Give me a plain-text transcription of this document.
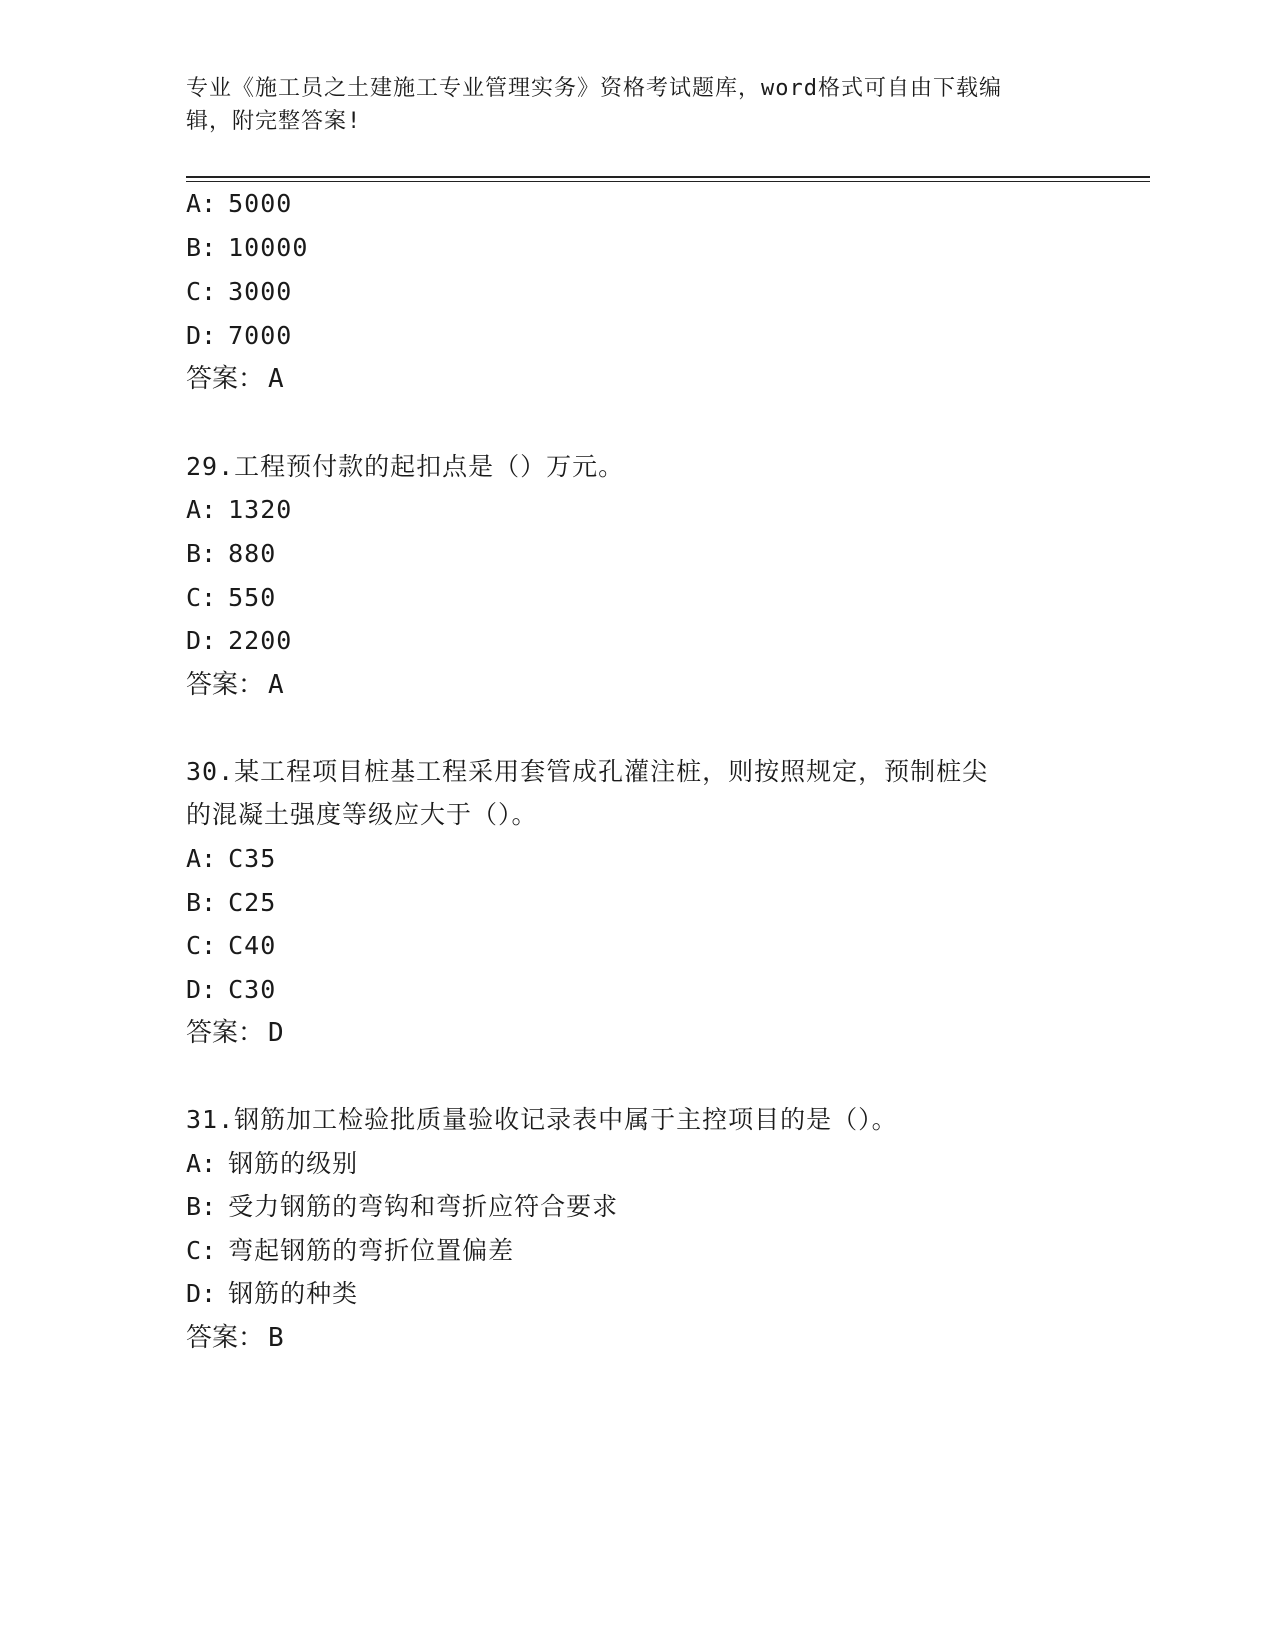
专业《施工员之土建施工专业管理实务》资格考试题库，word格式可自由下载编
辑，附完整答案!
A: 5000
B: 10000
C: 3000
D: 7000
答案： A
29.工程预付款的起扣点是（）万元。
A: 1320
B: 880
C: 550
D: 2200
答案： A
30.某工程项目桩基工程采用套管成孔灌注桩，则按照规定，预制桩尖
的混凝土强度等级应大于（）。
A: C35
B: C25
C: C40
D: C30
答案： D
31.钢筋加工检验批质量验收记录表中属于主控项目的是（）。
A: 钢筋的级别
B: 受力钢筋的弯钩和弯折应符合要求
C: 弯起钢筋的弯折位置偏差
D: 钢筋的种类
答案： B
